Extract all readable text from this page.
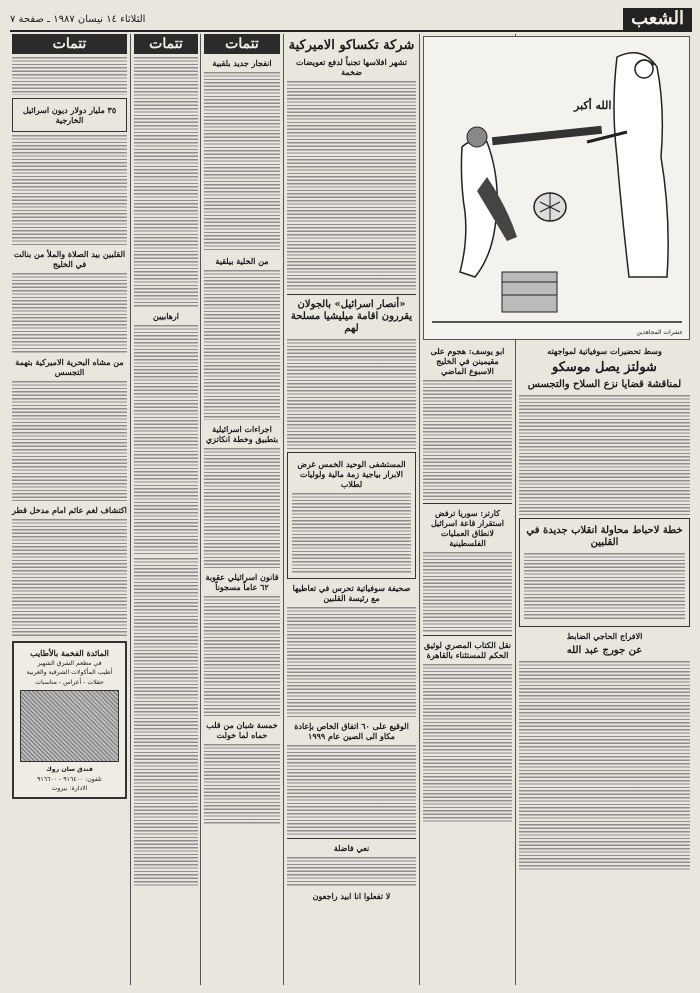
الشعب
الثلاثاء ١٤ نيسان ١٩٨٧ ـ صفحة ٧
الله أكبر
عشرات المجاهدين
وسط تحضيرات سوفياتية لمواجهته
شولتز يصل موسكو
لمناقشة قضايا نزع السلاح والتجسس
خطة لاحباط محاولة انقلاب جديدة في القلبين
الافراج الحاجي الضابط
عن جورج عبد الله
ابو يوسف: هجوم على مقيمينن في الخليج الاسبوع الماضي
كارتر: سوريا ترفض استقرار قاعة اسرائيل لانطاق العمليات الفلسطينية
نقل الكتاب المصري لوثيق الحكم للمستثناء بالقاهرة
شركة تكساكو الاميركية
تشهر افلاسها تجنباً لدفع تعويضات ضخمة
«أنصار اسرائيل» بالجولان يقررون اقامة ميليشيا مسلحة لهم
المستشفى الوحيد الخمس غرض الابرار بياجية زمة مالية ولوليات لطلاب
صحيفة سوفياتية تحرس في تعاطيها مع رئيسة القلبين
الوقيع على ٦٠ اتفاق الخاص بإعادة مكاو الى الصين عام ١٩٩٩
نعي فاضلة
لا تفعلوا انا ابيد راجعون
تتمات
انفجار جديد بلقبية
من الخلية بيلقية
اجراءات اسرائيلية بتطبيق وخطة انكاتزي
قانون اسرائيلي عقوبة ٦٢ عاماً مسجوناً
خمسة شبان من قلب حماه لما خولت
تتمات
ارهابيين
تتمات
٣٥ مليار دولار ديون اسرائيل الخارجية
القلبين بيد الصلاة والملأ من بنالت في الخليج
من مشاه البحرية الاميركية بتهمة التجسس
اكتشاف لغم عائم امام مدخل قطر
المائدة الفخمة بالأطايب
في مطعم الشرق الشهير
أطيب المأكولات الشرقية والغربية
حفلات - أعراس - مناسبات
فندق سان روك
تلفون: ٩١٦٤٠٠ - ٩١٦٦٠٠
الادارة: بيروت
